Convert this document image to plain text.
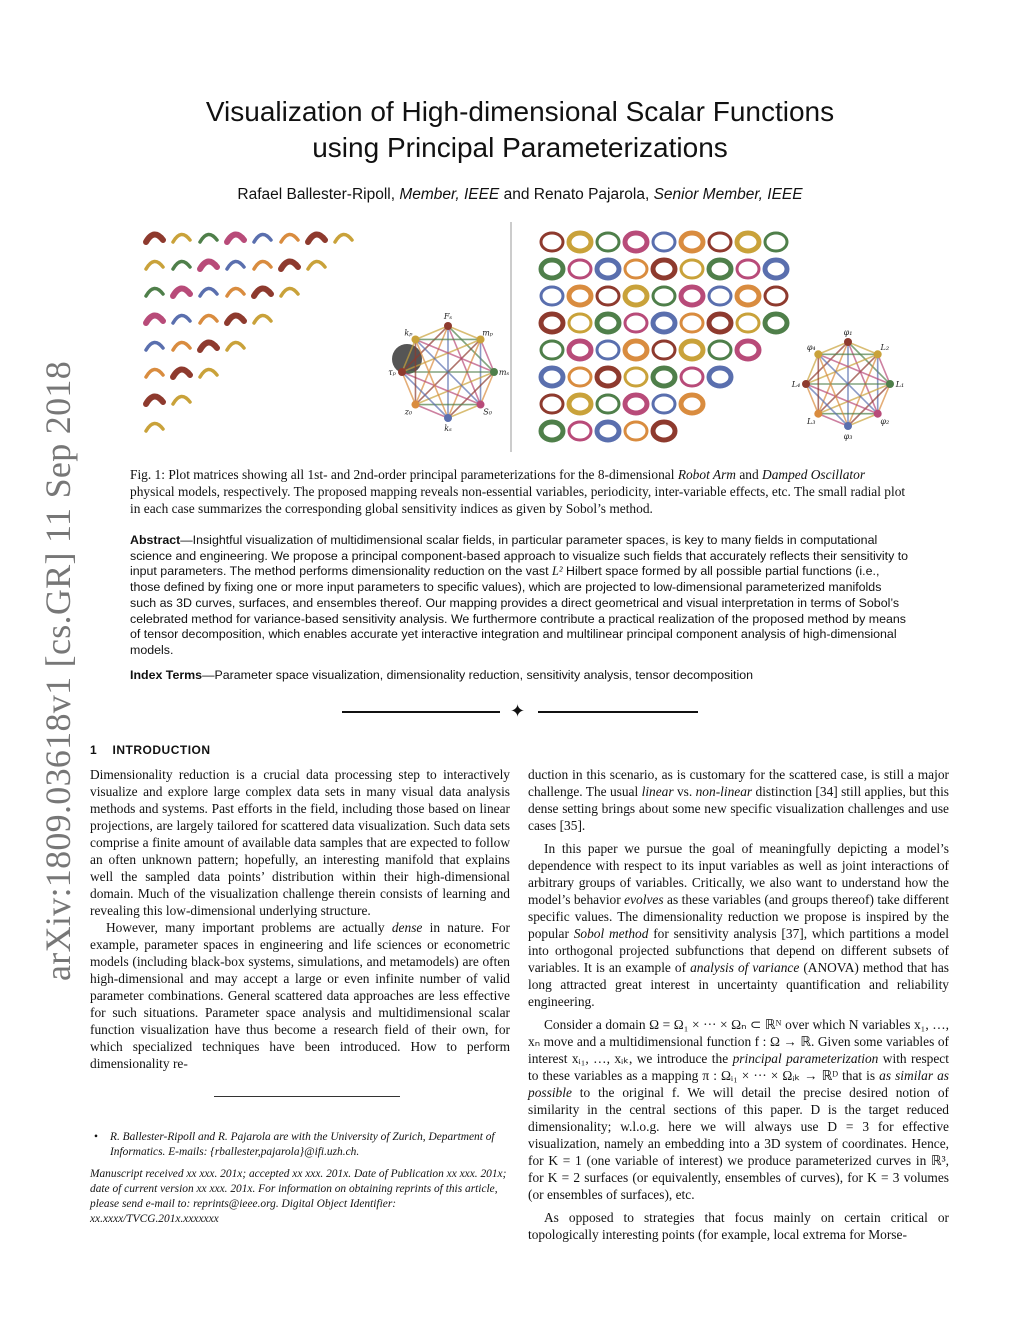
arXiv:1809.03618v1 [cs.GR] 11 Sep 2018
Visualization of High-dimensional Scalar Functions
using Principal Parameterizations
Rafael Ballester-Ripoll, Member, IEEE and Renato Pajarola, Senior Member, IEEE
Fₛ
mₚ
mₛ
S₀
kₛ
z₀
τₚ
kₚ	φ₁
L₂
L₁
φ₂
φ₃
L₃
L₄
φ₄
Fig. 1: Plot matrices showing all 1st- and 2nd-order principal parameterizations for the 8-dimensional Robot Arm and Damped Oscillator physical models, respectively. The proposed mapping reveals non-essential variables, periodicity, inter-variable effects, etc. The small radial plot in each case summarizes the corresponding global sensitivity indices as given by Sobol’s method.
Abstract—Insightful visualization of multidimensional scalar fields, in particular parameter spaces, is key to many fields in computational science and engineering. We propose a principal component-based approach to visualize such fields that accurately reflects their sensitivity to input parameters. The method performs dimensionality reduction on the vast L² Hilbert space formed by all possible partial functions (i.e., those defined by fixing one or more input parameters to specific values), which are projected to low-dimensional parameterized manifolds such as 3D curves, surfaces, and ensembles thereof. Our mapping provides a direct geometrical and visual interpretation in terms of Sobol’s celebrated method for variance-based sensitivity analysis. We furthermore contribute a practical realization of the proposed method by means of tensor decomposition, which enables accurate yet interactive integration and multilinear principal component analysis of high-dimensional models.
Index Terms—Parameter space visualization, dimensionality reduction, sensitivity analysis, tensor decomposition
✦
1 INTRODUCTION

Dimensionality reduction is a crucial data processing step to interactively visualize and explore large complex data sets in many visual data analysis methods and systems. Past efforts in the field, including those based on linear projections, are largely tailored for scattered data visualization. Such data sets comprise a finite amount of available data samples that are expected to follow an often unknown pattern; hopefully, an interesting manifold that explains well the sampled data points’ distribution within their high-dimensional domain. Much of the visualization challenge therein consists of learning and revealing this low-dimensional underlying structure.

However, many important problems are actually dense in nature. For example, parameter spaces in engineering and life sciences or econometric models (including black-box systems, simulations, and metamodels) are often high-dimensional and may accept a large or even infinite number of valid parameter combinations. General scattered data approaches are less effective for such situations. Parameter space analysis and multidimensional scalar function visualization have thus become a research field of their own, for which specialized techniques have been introduced. How to perform dimensionality re-

•	R. Ballester-Ripoll and R. Pajarola are with the University of Zurich, Department of Informatics. E-mails: {rballester,pajarola}@ifi.uzh.ch.
Manuscript received xx xxx. 201x; accepted xx xxx. 201x. Date of Publication xx xxx. 201x; date of current version xx xxx. 201x. For information on obtaining reprints of this article, please send e-mail to: reprints@ieee.org. Digital Object Identifier: xx.xxxx/TVCG.201x.xxxxxxx

duction in this scenario, as is customary for the scattered case, is still a major challenge. The usual linear vs. non-linear distinction [34] still applies, but this dense setting brings about some new specific visualization challenges and use cases [35].

In this paper we pursue the goal of meaningfully depicting a model’s dependence with respect to its input variables as well as joint interactions of arbitrary groups of variables. Critically, we also want to understand how the model’s behavior evolves as these variables (and groups thereof) take different specific values. The dimensionality reduction we propose is inspired by the popular Sobol method for sensitivity analysis [37], which partitions a model into orthogonal projected subfunctions that depend on different subsets of variables. It is an example of analysis of variance (ANOVA) method that has long attracted great interest in uncertainty quantification and reliability engineering.

Consider a domain Ω = Ω₁ × ··· × Ωₙ ⊂ ℝᴺ over which N variables x₁, …, xₙ move and a multidimensional function f : Ω → ℝ. Given some variables of interest xᵢ₁, …, xᵢₖ, we introduce the principal parameterization with respect to these variables as a mapping π : Ωᵢ₁ × ··· × Ωᵢₖ → ℝᴰ that is as similar as possible to the original f. We will detail the precise desired notion of similarity in the central sections of this paper. D is the target reduced dimensionality; w.l.o.g. here we will always use D = 3 for effective visualization, namely an embedding into a 3D system of coordinates. Hence, for K = 1 (one variable of interest) we produce parameterized curves in ℝ³, for K = 2 surfaces (or equivalently, ensembles of curves), for K = 3 volumes (or ensembles of surfaces), etc.

As opposed to strategies that focus mainly on certain critical or topologically interesting points (for example, local extrema for Morse-
